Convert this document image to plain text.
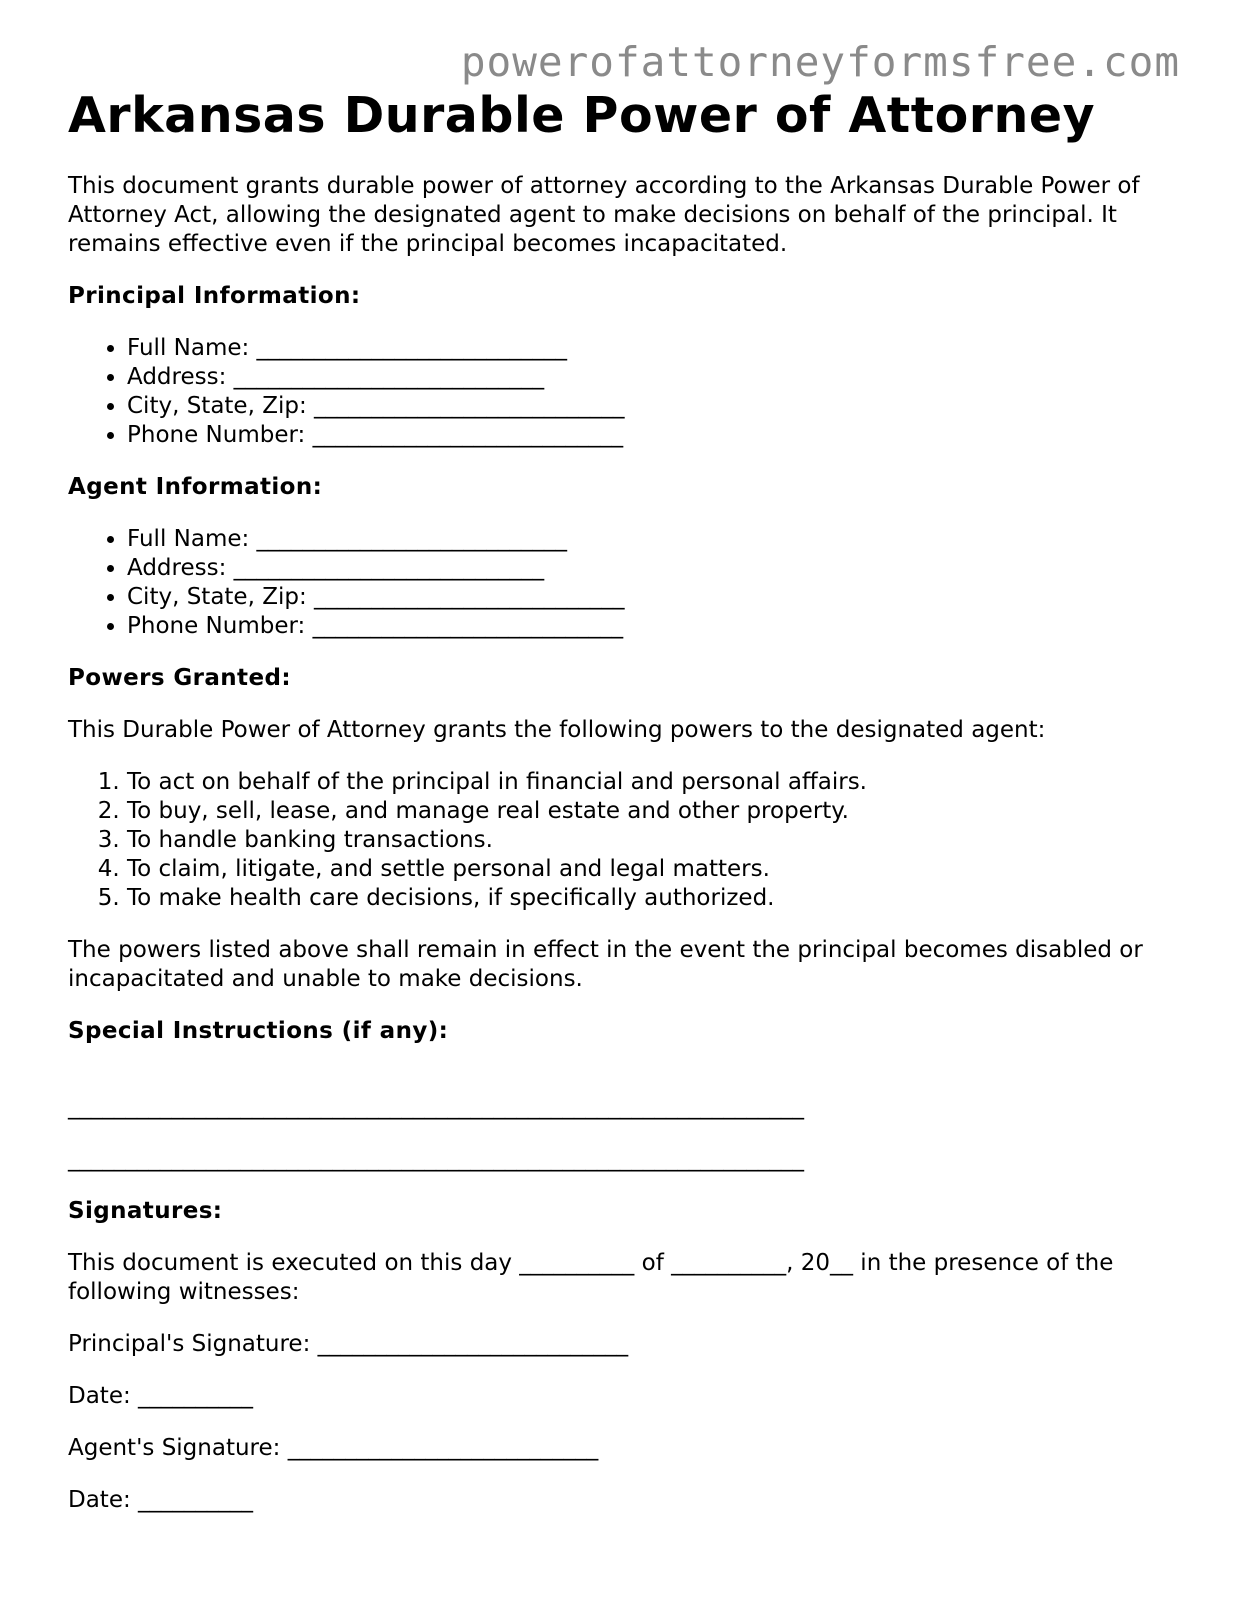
powerofattorneyformsfree.com
Arkansas Durable Power of Attorney

This document grants durable power of attorney according to the Arkansas Durable Power of Attorney Act, allowing the designated agent to make decisions on behalf of the principal. It remains effective even if the principal becomes incapacitated.

Principal Information:
• Full Name: ___________________________
• Address: ___________________________
• City, State, Zip: ___________________________
• Phone Number: ___________________________
Agent Information:
• Full Name: ___________________________
• Address: ___________________________
• City, State, Zip: ___________________________
• Phone Number: ___________________________
Powers Granted:

This Durable Power of Attorney grants the following powers to the designated agent:

1. To act on behalf of the principal in financial and personal affairs.
2. To buy, sell, lease, and manage real estate and other property.
3. To handle banking transactions.
4. To claim, litigate, and settle personal and legal matters.
5. To make health care decisions, if specifically authorized.

The powers listed above shall remain in effect in the event the principal becomes disabled or incapacitated and unable to make decisions.

Special Instructions (if any):

________________________________________________________________

________________________________________________________________

Signatures:

This document is executed on this day __________ of __________, 20__ in the presence of the following witnesses:

Principal's Signature: ___________________________

Date: __________

Agent's Signature: ___________________________

Date: __________
